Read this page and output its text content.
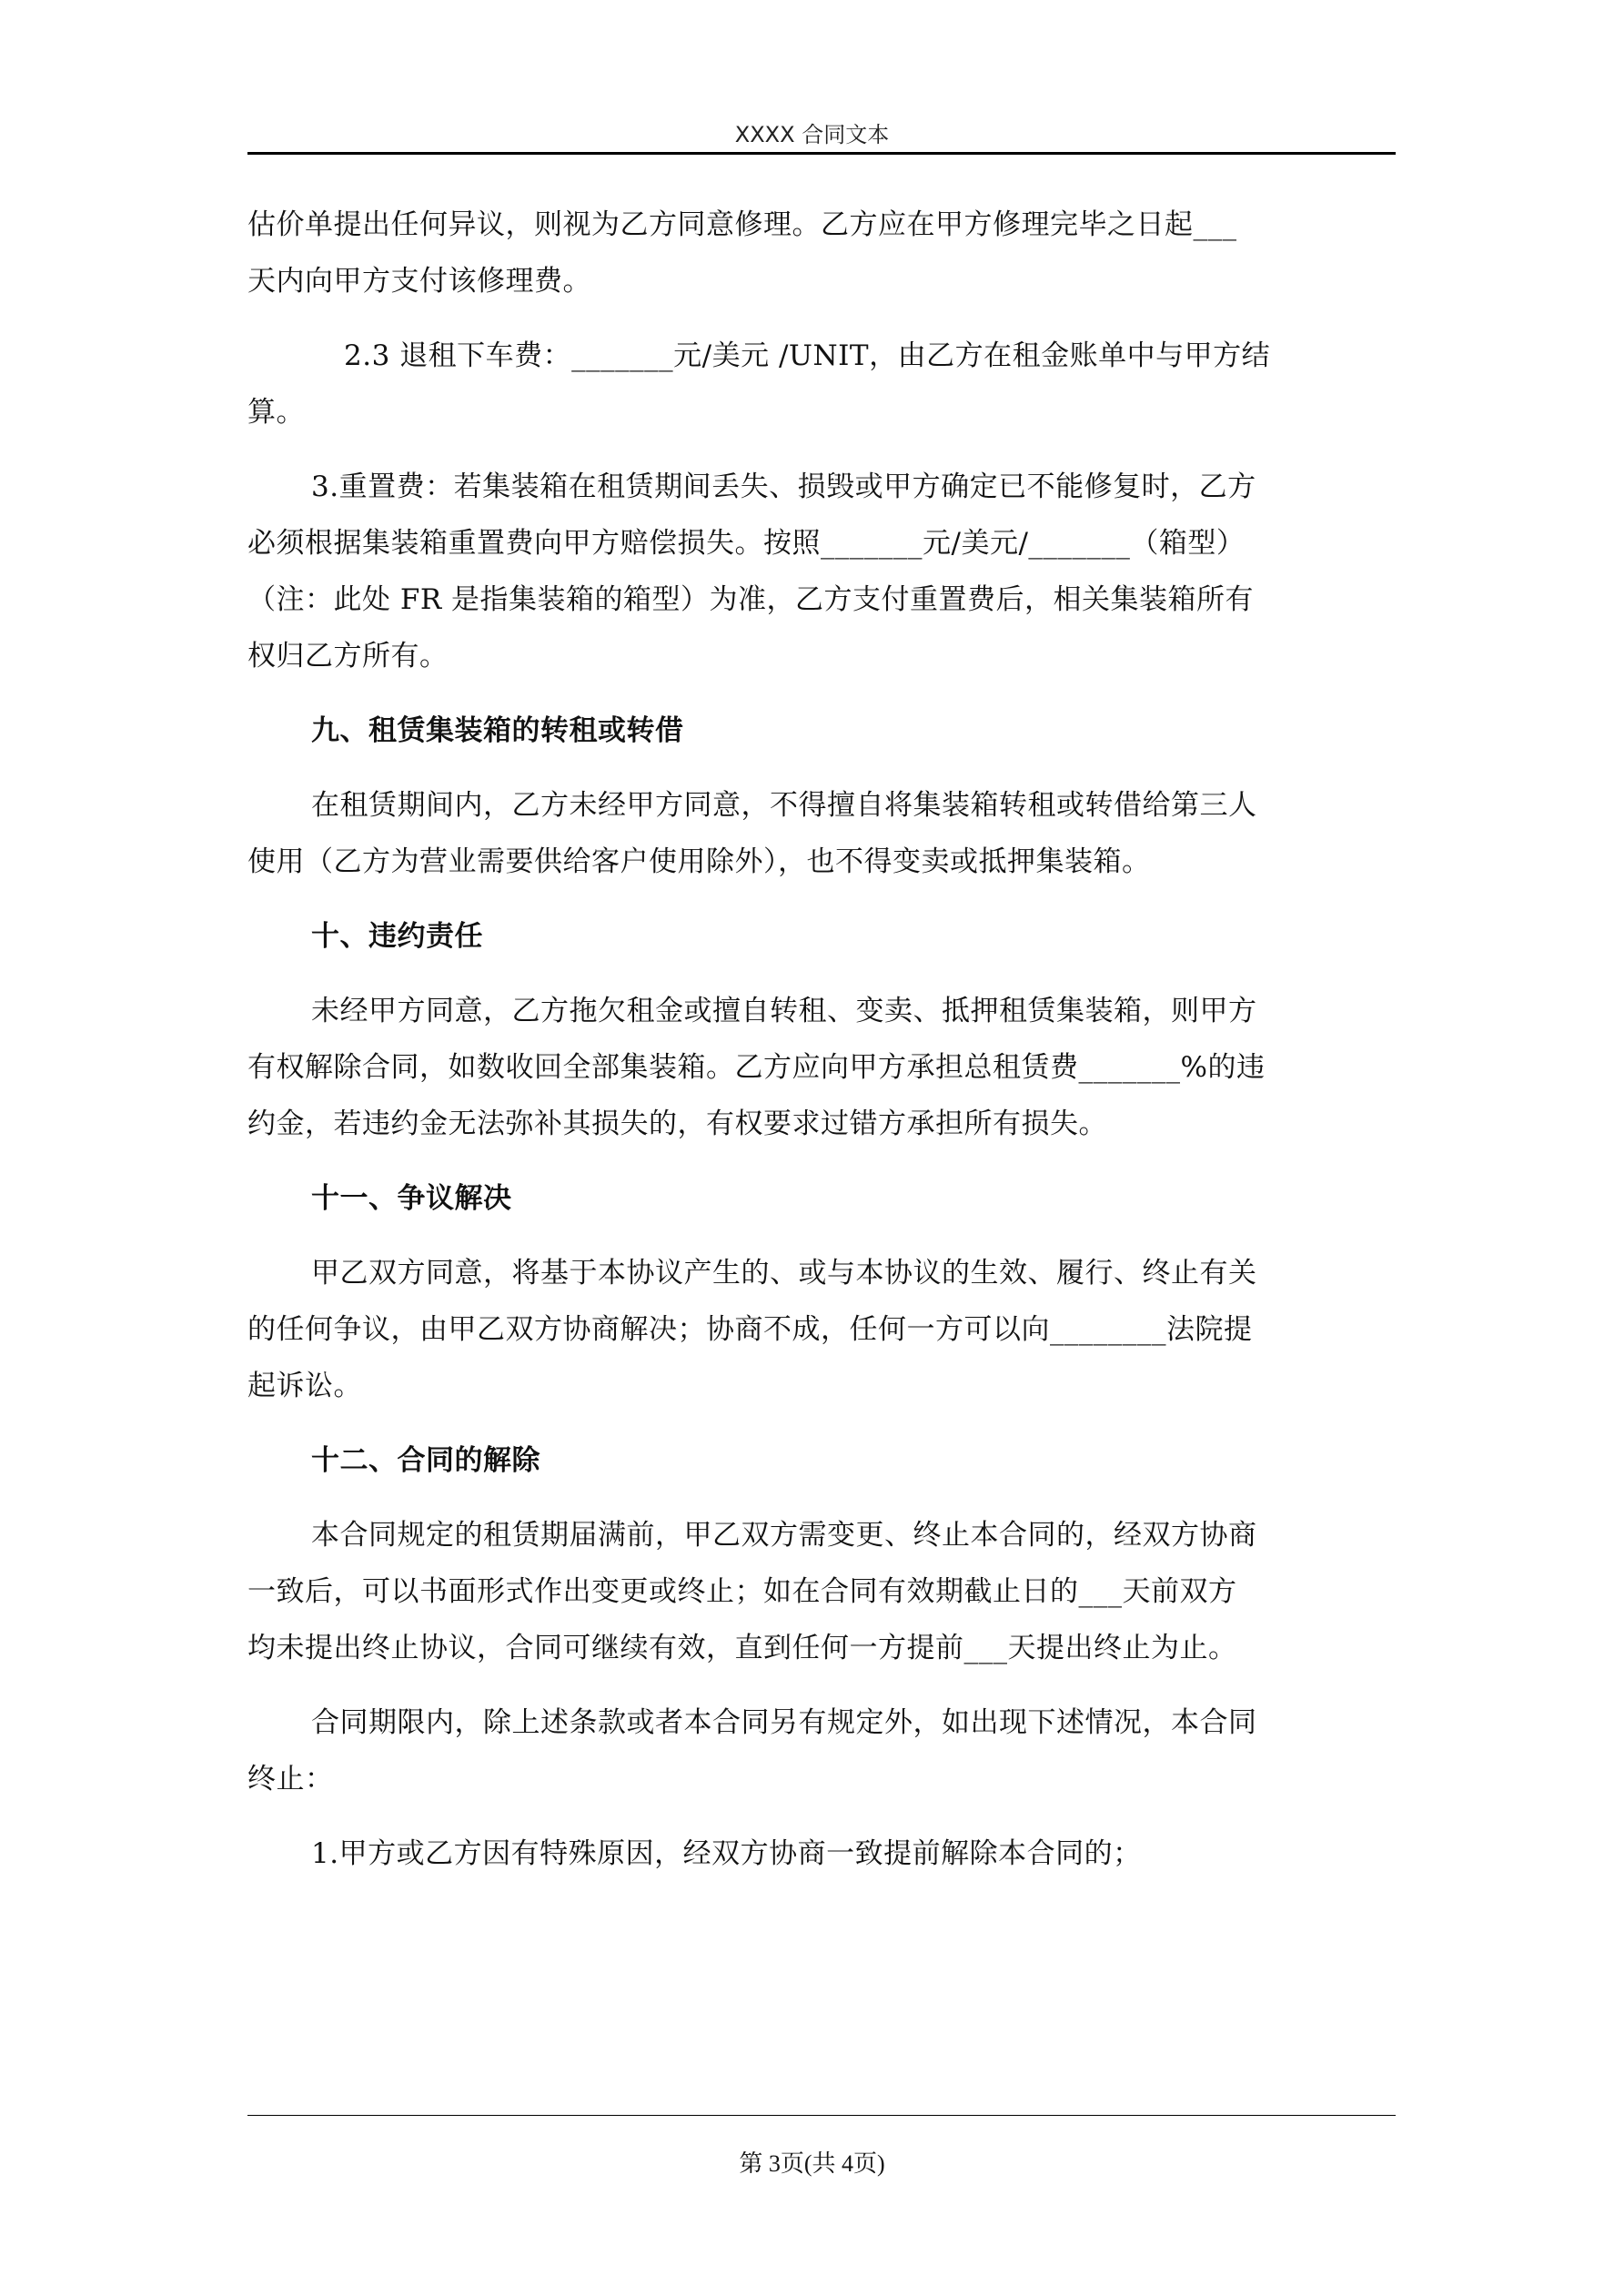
XXXX 合同文本
估价单提出任何异议，则视为乙方同意修理。乙方应在甲方修理完毕之日起___
天内向甲方支付该修理费。
2.3 退租下车费：_______元/美元 /UNIT，由乙方在租金账单中与甲方结
算。
3.重置费：若集装箱在租赁期间丢失、损毁或甲方确定已不能修复时，乙方
必须根据集装箱重置费向甲方赔偿损失。按照_______元/美元/_______（箱型）
（注：此处 FR 是指集装箱的箱型）为准，乙方支付重置费后，相关集装箱所有
权归乙方所有。
九、租赁集装箱的转租或转借
在租赁期间内，乙方未经甲方同意，不得擅自将集装箱转租或转借给第三人
使用（乙方为营业需要供给客户使用除外），也不得变卖或抵押集装箱。
十、违约责任
未经甲方同意，乙方拖欠租金或擅自转租、变卖、抵押租赁集装箱，则甲方
有权解除合同，如数收回全部集装箱。乙方应向甲方承担总租赁费_______%的违
约金，若违约金无法弥补其损失的，有权要求过错方承担所有损失。
十一、争议解决
甲乙双方同意，将基于本协议产生的、或与本协议的生效、履行、终止有关
的任何争议，由甲乙双方协商解决；协商不成，任何一方可以向________法院提
起诉讼。
十二、合同的解除
本合同规定的租赁期届满前，甲乙双方需变更、终止本合同的，经双方协商
一致后，可以书面形式作出变更或终止；如在合同有效期截止日的___天前双方
均未提出终止协议，合同可继续有效，直到任何一方提前___天提出终止为止。
合同期限内，除上述条款或者本合同另有规定外，如出现下述情况，本合同
终止：
1.甲方或乙方因有特殊原因，经双方协商一致提前解除本合同的；
第 3页(共 4页)
